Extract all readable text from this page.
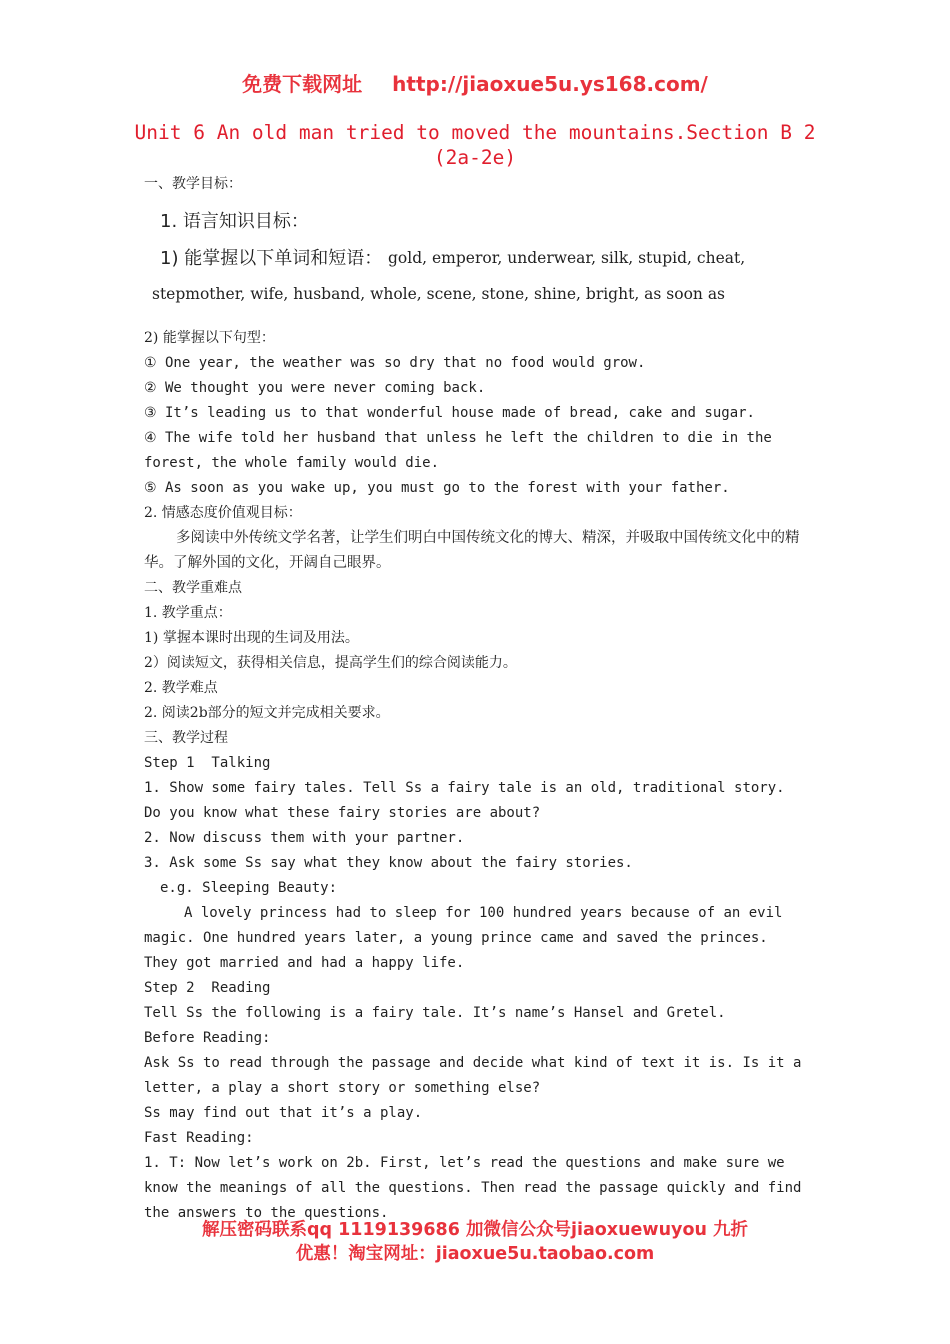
免费下载网址 http://jiaoxue5u.ys168.com/
Unit 6 An old man tried to moved the mountains.Section B 2
(2a-2e)
一、教学目标：
1. 语言知识目标：
1) 能掌握以下单词和短语： gold, emperor, underwear, silk, stupid, cheat,
stepmother, wife, husband, whole, scene, stone, shine, bright, as soon as
2) 能掌握以下句型：
① One year, the weather was so dry that no food would grow.
② We thought you were never coming back.
③ It’s leading us to that wonderful house made of bread, cake and sugar.
④ The wife told her husband that unless he left the children to die in the
forest, the whole family would die.
⑤ As soon as you wake up, you must go to the forest with your father.
2. 情感态度价值观目标：
多阅读中外传统文学名著，让学生们明白中国传统文化的博大、精深，并吸取中国传统文化中的精华。了解外国的文化，开阔自己眼界。
二、教学重难点
1. 教学重点：
1) 掌握本课时出现的生词及用法。
2）阅读短文，获得相关信息，提高学生们的综合阅读能力。
2. 教学难点
2. 阅读2b部分的短文并完成相关要求。
三、教学过程
Step 1  Talking
1. Show some fairy tales. Tell Ss a fairy tale is an old, traditional story.
Do you know what these fairy stories are about?
2. Now discuss them with your partner.
3. Ask some Ss say what they know about the fairy stories.
e.g. Sleeping Beauty:
A lovely princess had to sleep for 100 hundred years because of an evil
magic. One hundred years later, a young prince came and saved the princes.
They got married and had a happy life.
Step 2  Reading
Tell Ss the following is a fairy tale. It’s name’s Hansel and Gretel.
Before Reading:
Ask Ss to read through the passage and decide what kind of text it is. Is it a
letter, a play a short story or something else?
Ss may find out that it’s a play.
Fast Reading:
1. T: Now let’s work on 2b. First, let’s read the questions and make sure we
know the meanings of all the questions. Then read the passage quickly and find
the answers to the questions.
解压密码联系qq 1119139686 加微信公众号jiaoxuewuyou 九折
优惠！淘宝网址：jiaoxue5u.taobao.com
